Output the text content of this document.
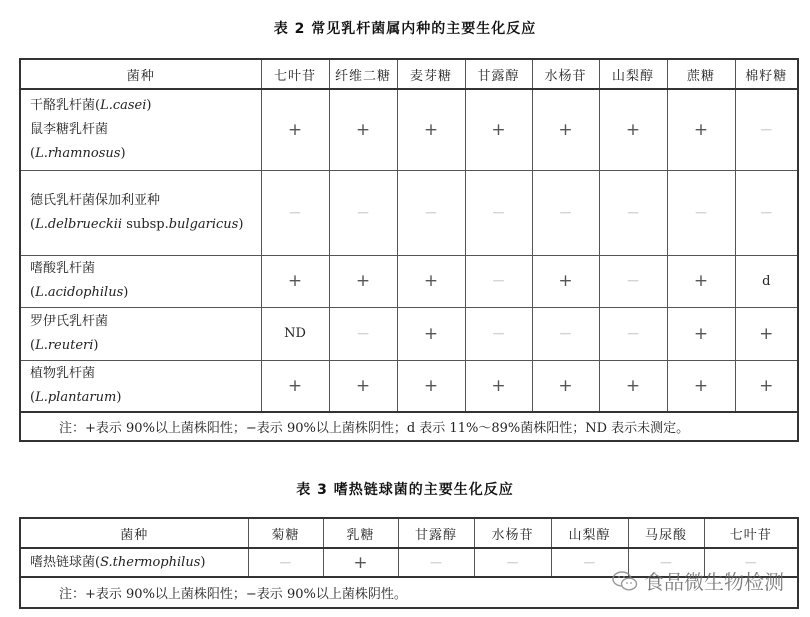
表 2 常见乳杆菌属内种的主要生化反应
菌种	七叶苷	纤维二糖	麦芽糖	甘露醇	水杨苷	山梨醇	蔗糖	棉籽糖

干酪乳杆菌(L.casei)
鼠李糖乳杆菌
(L.rhamnosus)	+	+	+	+	+	+	+	−

德氏乳杆菌保加利亚种
(L.delbrueckii subsp.bulgaricus)	−	−	−	−	−	−	−	−

嗜酸乳杆菌
(L.acidophilus)	+	+	+	−	+	−	+	d

罗伊氏乳杆菌
(L.reuteri)	ND	−	+	−	−	−	+	+

植物乳杆菌
(L.plantarum)	+	+	+	+	+	+	+	+
注：+表示 90%以上菌株阳性；−表示 90%以上菌株阴性；d 表示 11%～89%菌株阳性；ND 表示未测定。								
表 3 嗜热链球菌的主要生化反应
菌种	菊糖	乳糖	甘露醇	水杨苷	山梨醇	马尿酸	七叶苷
嗜热链球菌(S.thermophilus)	−	+	−	−	−	−	−
注：+表示 90%以上菌株阳性；−表示 90%以上菌株阴性。							
食品微生物检测
